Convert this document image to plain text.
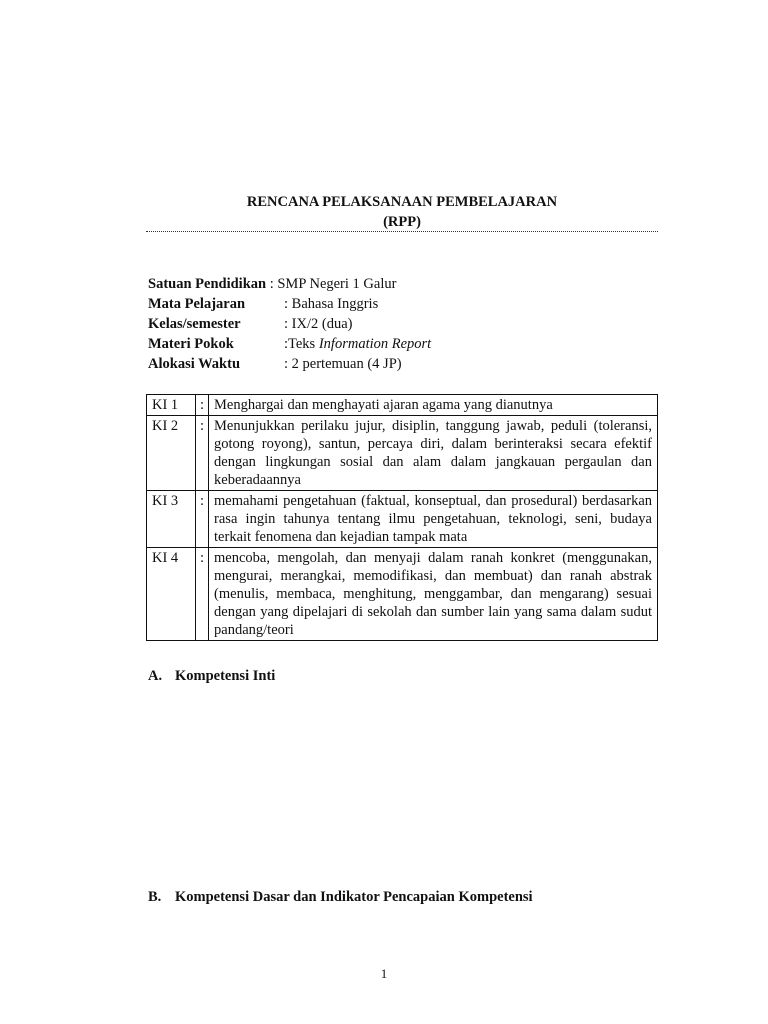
RENCANA PELAKSANAAN PEMBELAJARAN
(RPP)
Satuan Pendidikan : SMP Negeri 1 Galur
Mata Pelajaran	: Bahasa Inggris
Kelas/semester	: IX/2 (dua)
Materi Pokok	: Teks Information Report
Alokasi Waktu	: 2 pertemuan (4 JP)
KI 1	:	Menghargai dan menghayati ajaran agama yang dianutnya
KI 2	:	Menunjukkan perilaku jujur, disiplin, tanggung jawab, peduli (toleransi, gotong royong), santun, percaya diri, dalam berinteraksi secara efektif dengan lingkungan sosial dan alam dalam jangkauan pergaulan dan keberadaannya
KI 3	:	memahami pengetahuan (faktual, konseptual, dan prosedural) berdasarkan rasa ingin tahunya tentang ilmu pengetahuan, teknologi, seni, budaya terkait fenomena dan kejadian tampak mata
KI 4	:	mencoba, mengolah, dan menyaji dalam ranah konkret (menggunakan, mengurai, merangkai, memodifikasi, dan membuat) dan ranah abstrak (menulis, membaca, menghitung, menggambar, dan mengarang) sesuai dengan yang dipelajari di sekolah dan sumber lain yang sama dalam sudut pandang/teori
A. Kompetensi Inti
B. Kompetensi Dasar dan Indikator Pencapaian Kompetensi
1
